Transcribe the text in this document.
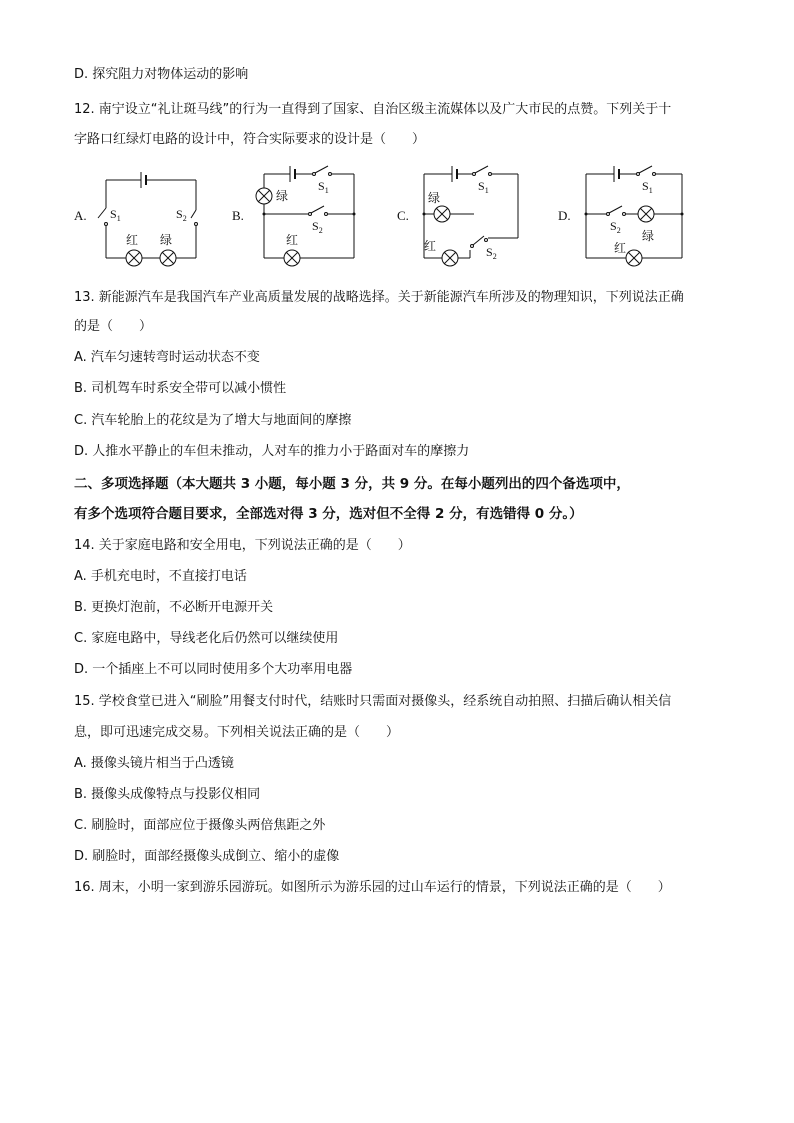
D. 探究阻力对物体运动的影响
12. 南宁设立“礼让斑马线”的行为一直得到了国家、自治区级主流媒体以及广大市民的点赞。下列关于十
字路口红绿灯电路的设计中，符合实际要求的设计是（　　）
A. $S_1$	$S_2$
红 绿
B.
$S_1$
$S_2$
绿
红
C.
$S_1$
$S_2$
绿
红
D.
$S_1$
$S_2$ 绿
红
13. 新能源汽车是我国汽车产业高质量发展的战略选择。关于新能源汽车所涉及的物理知识，下列说法正确
的是（　　）
A. 汽车匀速转弯时运动状态不变
B. 司机驾车时系安全带可以减小惯性
C. 汽车轮胎上的花纹是为了增大与地面间的摩擦
D. 人推水平静止的车但未推动，人对车的推力小于路面对车的摩擦力
二、多项选择题（本大题共 3 小题，每小题 3 分，共 9 分。在每小题列出的四个备选项中，
有多个选项符合题目要求，全部选对得 3 分，选对但不全得 2 分，有选错得 0 分。）
14. 关于家庭电路和安全用电，下列说法正确的是（　　）
A. 手机充电时，不直接打电话
B. 更换灯泡前，不必断开电源开关
C. 家庭电路中，导线老化后仍然可以继续使用
D. 一个插座上不可以同时使用多个大功率用电器
15. 学校食堂已进入“刷脸”用餐支付时代，结账时只需面对摄像头，经系统自动拍照、扫描后确认相关信
息，即可迅速完成交易。下列相关说法正确的是（　　）
A. 摄像头镜片相当于凸透镜
B. 摄像头成像特点与投影仪相同
C. 刷脸时，面部应位于摄像头两倍焦距之外
D. 刷脸时，面部经摄像头成倒立、缩小的虚像
16. 周末，小明一家到游乐园游玩。如图所示为游乐园的过山车运行的情景，下列说法正确的是（　　）
